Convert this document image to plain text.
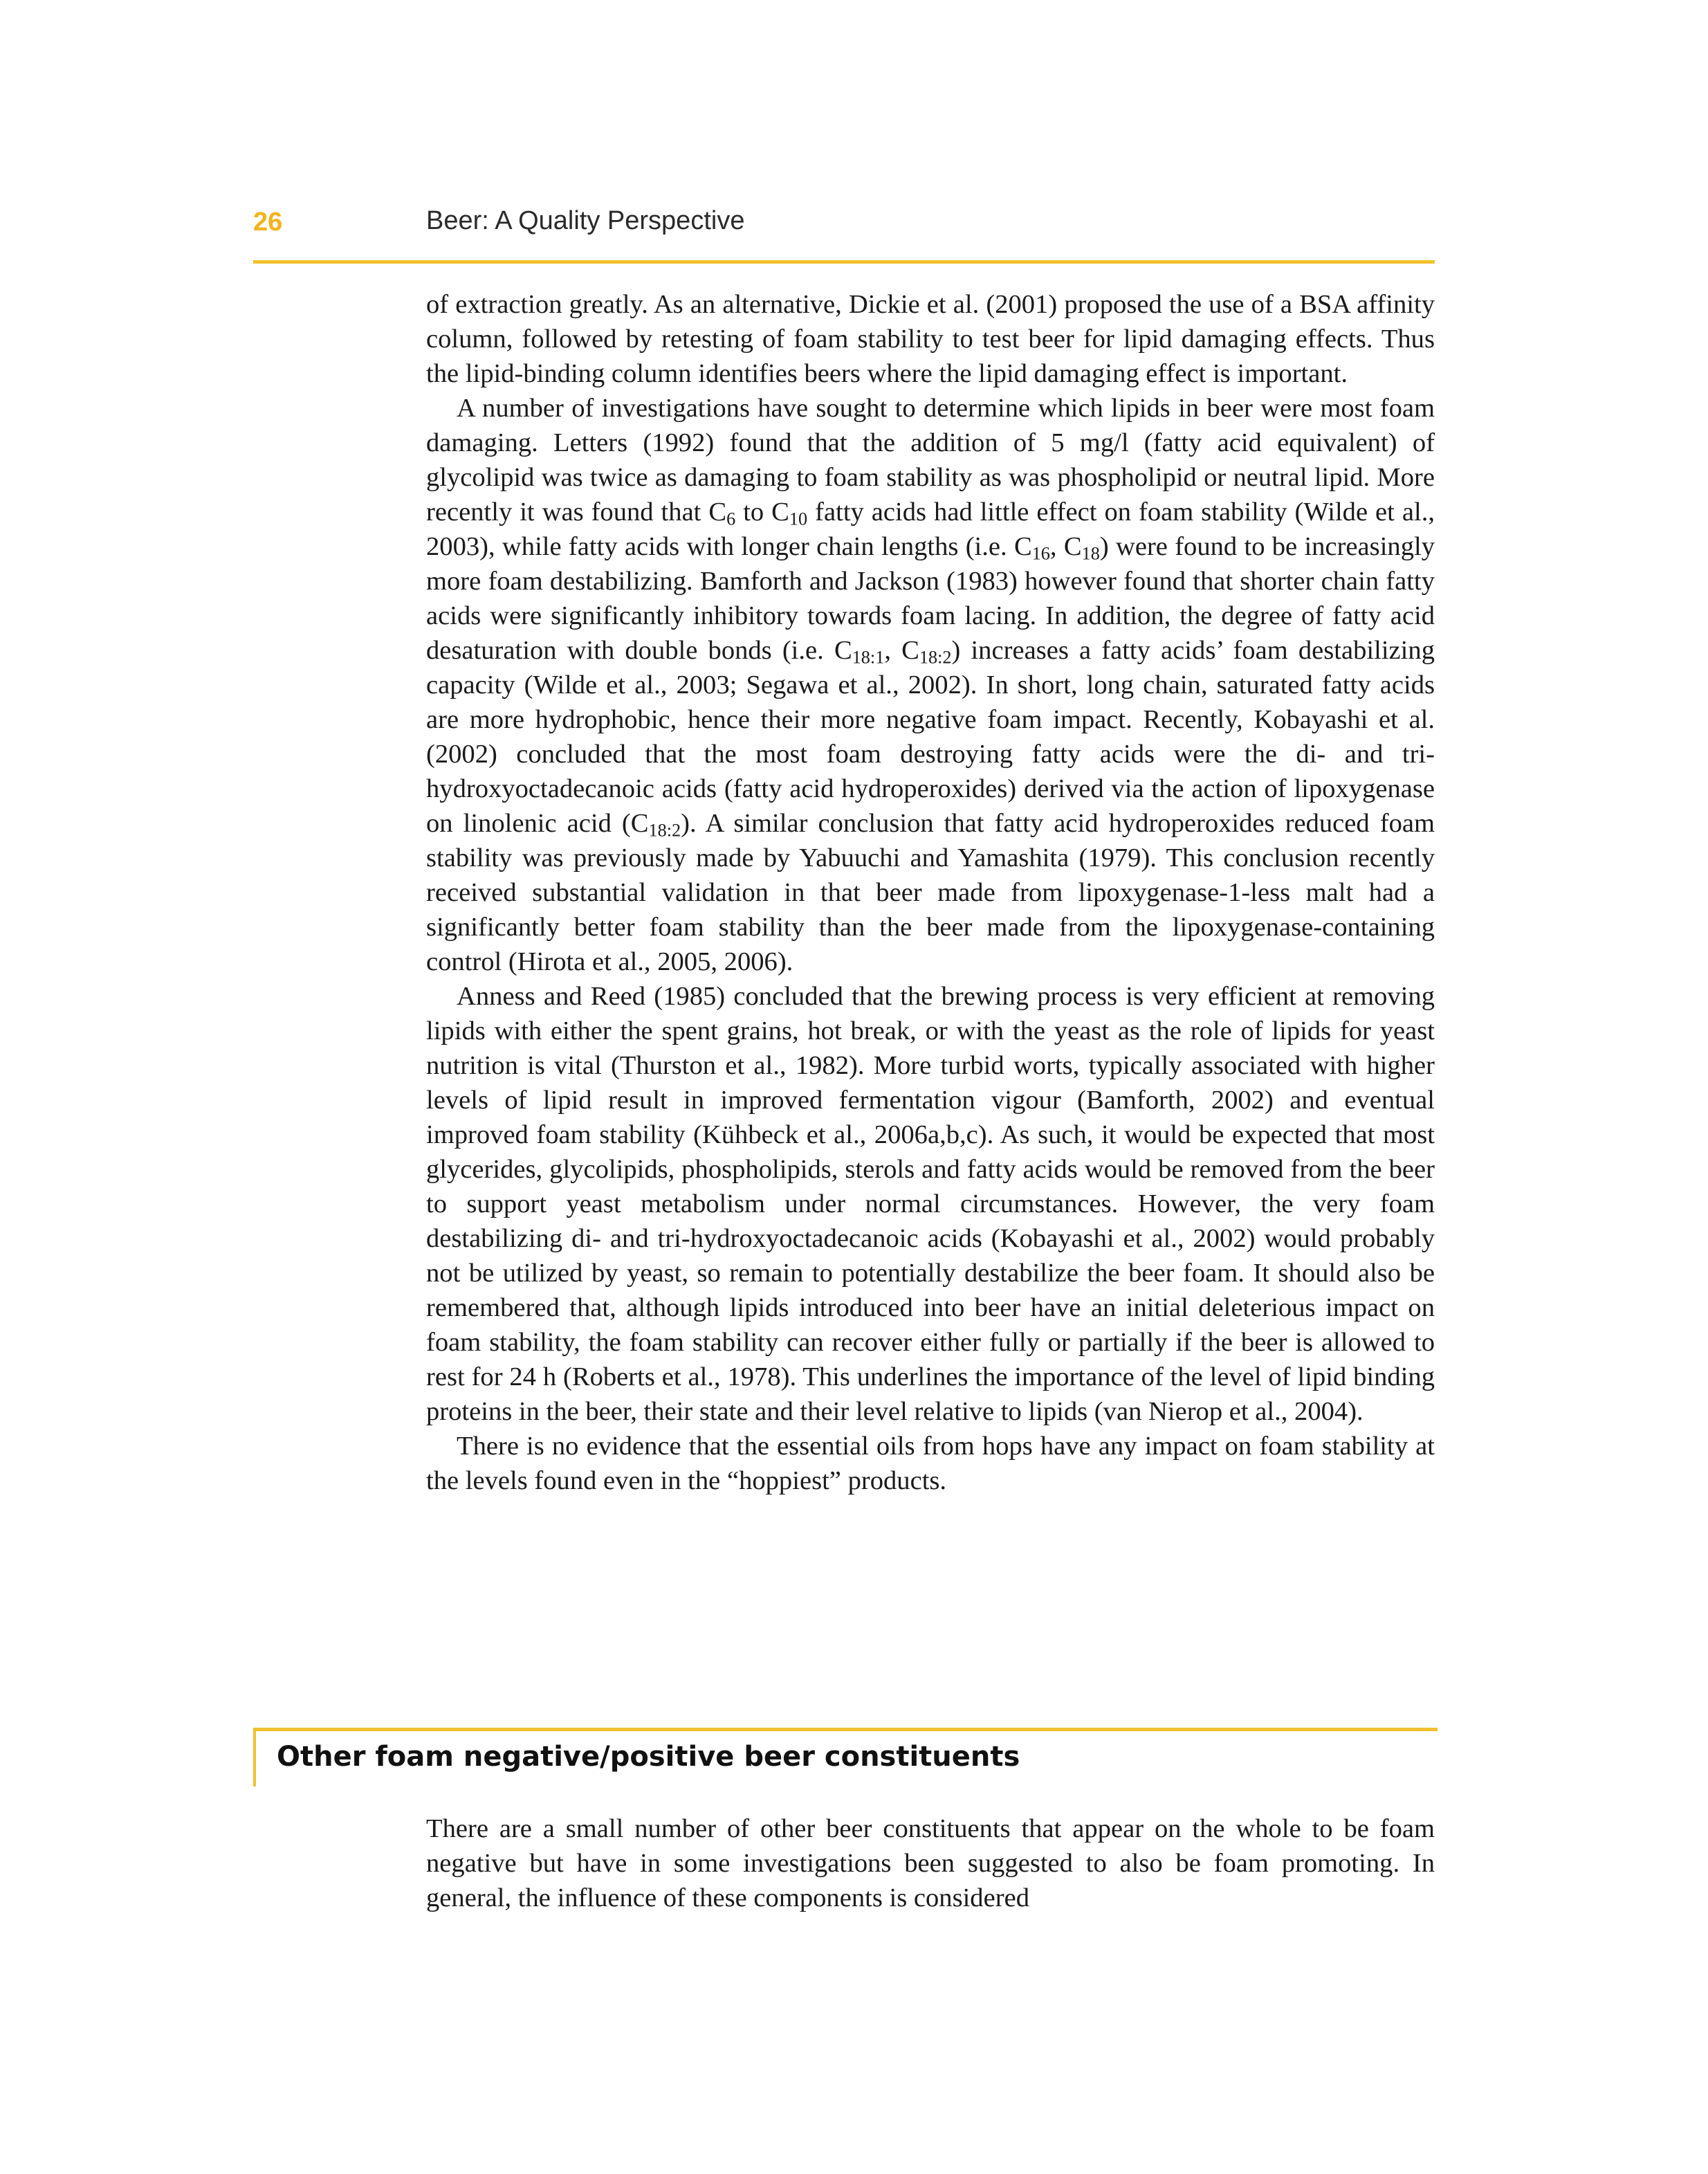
26	Beer: A Quality Perspective

of extraction greatly. As an alternative, Dickie et al. (2001) proposed the use of a BSA affinity column, followed by retesting of foam stability to test beer for lipid damaging effects. Thus the lipid-binding column identifies beers where the lipid damaging effect is important.

A number of investigations have sought to determine which lipids in beer were most foam damaging. Letters (1992) found that the addition of 5 mg/l (fatty acid equivalent) of glycolipid was twice as damaging to foam stability as was phospholipid or neutral lipid. More recently it was found that $C_6$ to $C_{10}$ fatty acids had little effect on foam stability (Wilde et al., 2003), while fatty acids with longer chain lengths (i.e. $C_{16}$, $C_{18}$) were found to be increasingly more foam destabilizing. Bamforth and Jackson (1983) however found that shorter chain fatty acids were significantly inhibitory towards foam lacing. In addition, the degree of fatty acid desaturation with double bonds (i.e. $C_{18:1}$, $C_{18:2}$) increases a fatty acids’ foam destabilizing capacity (Wilde et al., 2003; Segawa et al., 2002). In short, long chain, saturated fatty acids are more hydrophobic, hence their more negative foam impact. Recently, Kobayashi et al. (2002) concluded that the most foam destroying fatty acids were the di- and tri-hydroxyoctadecanoic acids (fatty acid hydroperoxides) derived via the action of lipoxygenase on linolenic acid $(C_{18:2})$. A similar conclusion that fatty acid hydroperoxides reduced foam stability was previously made by Yabuuchi and Yamashita (1979). This conclusion recently received substantial validation in that beer made from lipoxygenase-1-less malt had a significantly better foam stability than the beer made from the lipoxygenase-containing control (Hirota et al., 2005, 2006).

Anness and Reed (1985) concluded that the brewing process is very efficient at removing lipids with either the spent grains, hot break, or with the yeast as the role of lipids for yeast nutrition is vital (Thurston et al., 1982). More turbid worts, typically associated with higher levels of lipid result in improved fermentation vigour (Bamforth, 2002) and eventual improved foam stability (Kühbeck et al., 2006a,b,c). As such, it would be expected that most glycerides, glycolipids, phospholipids, sterols and fatty acids would be removed from the beer to support yeast metabolism under normal circumstances. However, the very foam destabilizing di- and tri-hydroxyoctadecanoic acids (Kobayashi et al., 2002) would probably not be utilized by yeast, so remain to potentially destabilize the beer foam. It should also be remembered that, although lipids introduced into beer have an initial deleterious impact on foam stability, the foam stability can recover either fully or partially if the beer is allowed to rest for 24 h (Roberts et al., 1978). This underlines the importance of the level of lipid binding proteins in the beer, their state and their level relative to lipids (van Nierop et al., 2004).

There is no evidence that the essential oils from hops have any impact on foam stability at the levels found even in the “hoppiest” products.

Other foam negative/positive beer constituents

There are a small number of other beer constituents that appear on the whole to be foam negative but have in some investigations been suggested to also be foam promoting. In general, the influence of these components is considered
